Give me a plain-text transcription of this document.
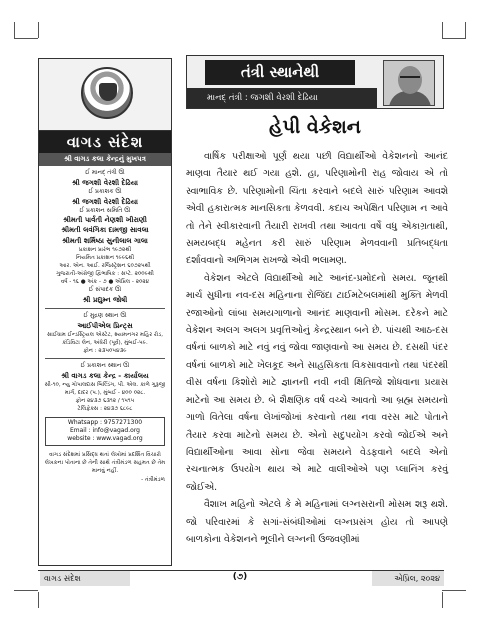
વાગડ સંદેશ
શ્રી વાગડ કલા કેન્દ્રનું મુખપત્ર
ઈ માનદ્ તંત્રી ઊ
શ્રી જગશી વેરશી દેઢિયા
ઈ પ્રકાશક ઊ
શ્રી જગશી વેરશી દેઢિયા
ઈ પ્રકાશન સમિતિ ઊ
શ્રીમતી પાર્વતી નેણશી ખીરાણી
શ્રીમતી લવંગિકા દામજી સાવલા
શ્રીમતી શર્મિષ્ઠા સુનીલાલ ગાલા
પ્રકાશન પ્રારંભ ૧૯૭૨થી
નિયમિત પ્રકાશન ૧૯૯૬થી
આર. એન. આઈ. રજિસ્ટ્રેશન ૬૦૭૨૫થી
ગુજરાતી-અંગ્રેજી દ્વિભાષિક : સપ્ટે. ૨૦૦૯થી
વર્ષ - ૧૬ ● અંક - ૭ ● એપ્રિલ - ૨૦૨૪
ઈ સંપાદક ઊ
શ્રી પ્રદ્યુમ્ન જોષી
ઈ મુદ્રણ સ્થાન ઊ
આઈપીએલ પ્રિન્ટ્સ
સાઈધામ ઈન્ડસ્ટ્રિયલ એસ્ટેટ, શ્યામનગર મહિર રોડ, કંડિવિટા લેન, અંધેરી (પૂર્વ), મુંબઈ-૫૯.
ફોન : ૨૩૫૦૫૪૩૯
ઈ પ્રકાશન સ્થાન ઊ
શ્રી વાગડ કલા કેન્દ્ર - કાર્યાલય
સી-૧૦, ન્યુ ગોપાલદાસ બિલ્ડિંગ, પી. એલ. કાળે ગુરૂજી માર્ગ, દાદર (પ.), મુંબઈ - ૪૦૦ ૦૨૮.
ફોન ૨૪૩૭ ૬૩૧૨ / ૧૫૧૫
ટેલિફેક્સ : ૨૪૩૭ ૬૮૯૮
Whatsapp : 9757271300
Email : info@vagad.org
website : www.vagad.org
વાગડ સંદેશમાં પ્રસિદ્ધ થતાં લેખોમાં પ્રદર્શિત વિચારો લેખકના પોતાના છે તેની સાથે તંત્રીમંડળ સહમત છે તેમ માનવું નહીં.
- તંત્રીમંડળ
તંત્રી સ્થાનેથી
માનદ્ તંત્રી : જગશી વેરશી દેઢિયા
હેપી વેકેશન

વાર્ષિક પરીક્ષાઓ પૂર્ણ થયા પછી વિદ્યાર્થીઓ વેકેશનનો આનંદ માણવા તૈયાર થઈ ગયા હશે. હા, પરિણામોની રાહ જોવાય એ તો સ્વાભાવિક છે. પરિણામોની ચિંતા કરવાને બદલે સારું પરિણામ આવશે એવી હકારાત્મક માનસિકતા કેળવવી. કદાચ અપેક્ષિત પરિણામ ન આવે તો તેને સ્વીકારવાની તૈયારી રાખવી તથા આવતા વર્ષે વધુ એકાગ્રતાથી, સમયબદ્ધ મહેનત કરી સારું પરિણામ મેળવવાની પ્રતિબદ્ધતા દર્શાવવાનો અભિગમ રાખજો એવી ભલામણ.

વેકેશન એટલે વિદ્યાર્થીઓ માટે આનંદ-પ્રમોદનો સમય. જૂનથી માર્ચ સુધીના નવ-દસ મહિનાના રોજિંદા ટાઈમટેબલમાંથી મુક્તિ મેળવી રજાઓનો લાંબા સમયગાળાનો આનંદ માણવાની મોસમ. દરેકને માટે વેકેશન અલગ અલગ પ્રવૃત્તિઓનું કેન્દ્રસ્થાન બને છે. પાંચથી આઠ-દસ વર્ષનાં બાળકો માટે નવું નવું જોવા જાણવાનો આ સમય છે. દસથી પંદર વર્ષનાં બાળકો માટે ખેલકૂદ અને સાહસિકતા વિકસાવવાનો તથા પંદરથી વીસ વર્ષના કિશોરો માટે જ્ઞાનની નવી નવી ક્ષિતિજો શોધવાના પ્રયાસ માટેનો આ સમય છે. બે શૈક્ષણિક વર્ષ વચ્ચે આવતો આ બ્રહ્મ સમયનો ગાળો વિતેલા વર્ષના લેખાંજોખાં કરવાનો તથા નવા વરસ માટે પોતાને તૈયાર કરવા માટેનો સમય છે. એનો સદુપયોગ કરવો જોઈએ અને વિદ્યાર્થીઓના આવા સોના જેવા સમયને વેડફવાને બદલે એનો રચનાત્મક ઉપયોગ થાય એ માટે વાલીઓએ પણ પ્લાનિંગ કરવું જોઈએ.

વૈશાખ મહિનો એટલે કે મે મહિનામાં લગ્નસરાની મોસમ શરૂ થશે. જો પરિવારમાં કે સગાં-સંબંધીઓમાં લગ્નપ્રસંગ હોય તો આપણે બાળકોના વેકેશનને ભૂલીને લગ્નની ઉજવણીમાં

વાગડ સંદેશ	(૭)	એપ્રિલ, ૨૦૨૪
